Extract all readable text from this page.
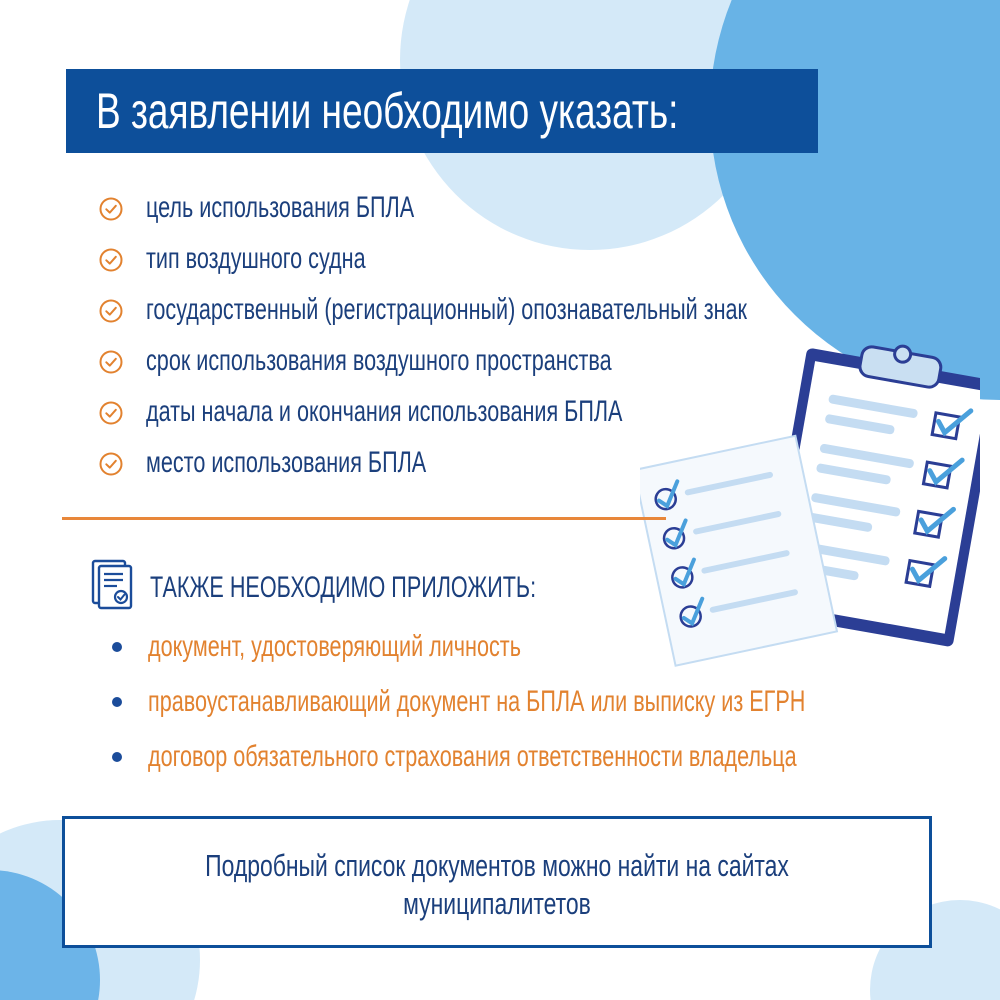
В заявлении необходимо указать:
цель использования БПЛА
тип воздушного судна
государственный (регистрационный) опознавательный знак
срок использования воздушного пространства
даты начала и окончания использования БПЛА
место использования БПЛА
ТАКЖЕ НЕОБХОДИМО ПРИЛОЖИТЬ:
документ, удостоверяющий личность
правоустанавливающий документ на БПЛА или выписку из ЕГРН
договор обязательного страхования ответственности владельца
Подробный список документов можно найти на сайтах
муниципалитетов
